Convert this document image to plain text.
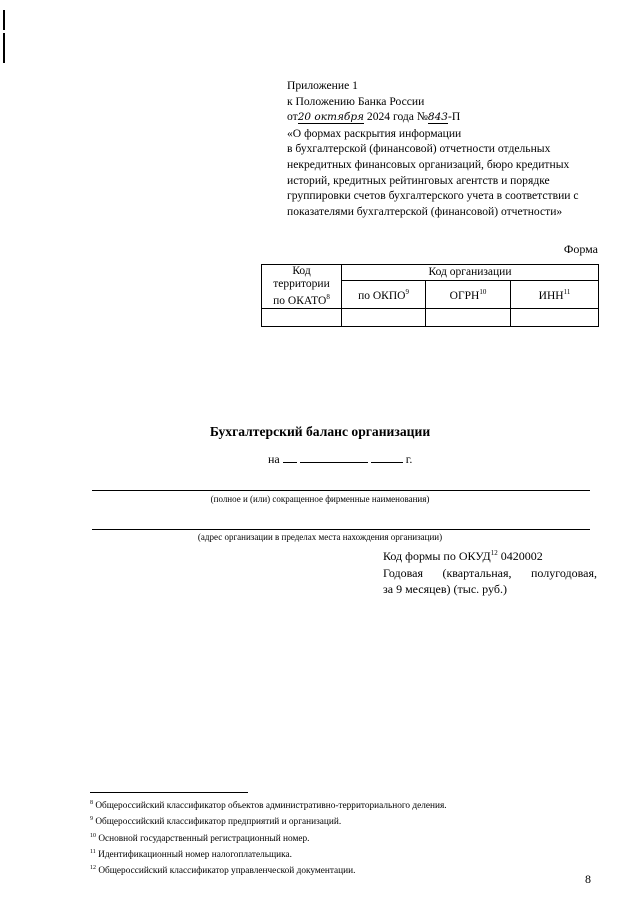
Приложение 1
к Положению Банка России
от20 октября 2024 года №843-П
«О формах раскрытия информации
в бухгалтерской (финансовой) отчетности отдельных
некредитных финансовых организаций, бюро кредитных
историй, кредитных рейтинговых агентств и порядке
группировки счетов бухгалтерского учета в соответствии с
показателями бухгалтерской (финансовой) отчетности»
Форма
Код
территории
по ОКАТО$^8$	Код организации		
	по ОКПО$^9$	ОГРН$^{10}$	ИНН$^{11}$

Бухгалтерский баланс организации
на	г.
(полное и (или) сокращенное фирменные наименования)
(адрес организации в пределах места нахождения организации)
Код формы по ОКУД$^{12}$ 0420002
Годовая (квартальная, полугодовая,
за 9 месяцев) (тыс. руб.)
$^8$ Общероссийский классификатор объектов административно-территориального деления.
$^9$ Общероссийский классификатор предприятий и организаций.
$^{10}$ Основной государственный регистрационный номер.
$^{11}$ Идентификационный номер налогоплательщика.
$^{12}$ Общероссийский классификатор управленческой документации.
8
